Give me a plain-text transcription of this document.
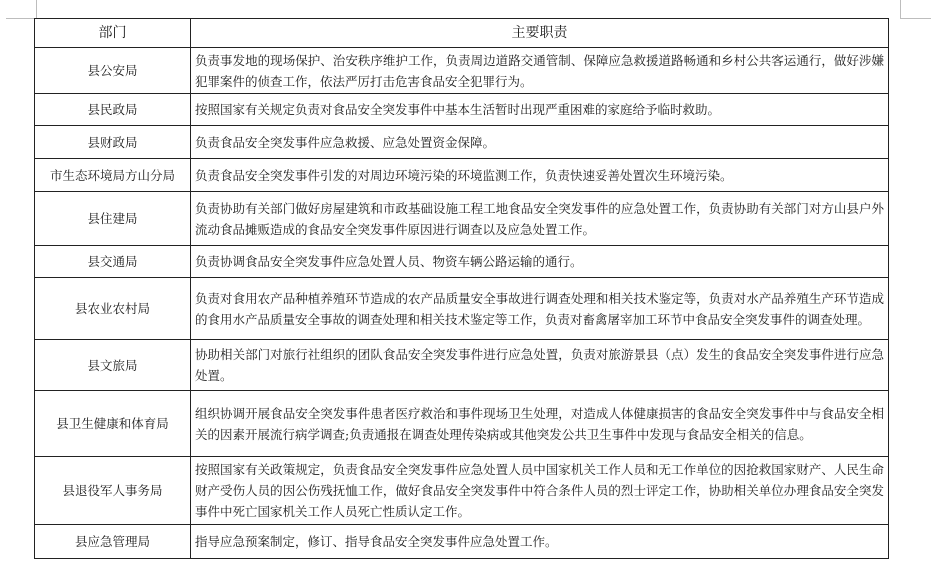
部门	主要职责
县公安局	负责事发地的现场保护、治安秩序维护工作，负责周边道路交通管制、保障应急救援道路畅通和乡村公共客运通行，做好涉嫌犯罪案件的侦查工作，依法严厉打击危害食品安全犯罪行为。
县民政局	按照国家有关规定负责对食品安全突发事件中基本生活暂时出现严重困难的家庭给予临时救助。
县财政局	负责食品安全突发事件应急救援、应急处置资金保障。
市生态环境局方山分局	负责食品安全突发事件引发的对周边环境污染的环境监测工作，负责快速妥善处置次生环境污染。
县住建局	负责协助有关部门做好房屋建筑和市政基础设施工程工地食品安全突发事件的应急处置工作，负责协助有关部门对方山县户外流动食品摊贩造成的食品安全突发事件原因进行调查以及应急处置工作。
县交通局	负责协调食品安全突发事件应急处置人员、物资车辆公路运输的通行。
县农业农村局	负责对食用农产品种植养殖环节造成的农产品质量安全事故进行调查处理和相关技术鉴定等，负责对水产品养殖生产环节造成的食用水产品质量安全事故的调查处理和相关技术鉴定等工作，负责对畜禽屠宰加工环节中食品安全突发事件的调查处理。
县文旅局	协助相关部门对旅行社组织的团队食品安全突发事件进行应急处置，负责对旅游景县（点）发生的食品安全突发事件进行应急处置。
县卫生健康和体育局	组织协调开展食品安全突发事件患者医疗救治和事件现场卫生处理，对造成人体健康损害的食品安全突发事件中与食品安全相关的因素开展流行病学调查;负责通报在调查处理传染病或其他突发公共卫生事件中发现与食品安全相关的信息。
县退役军人事务局	按照国家有关政策规定，负责食品安全突发事件应急处置人员中国家机关工作人员和无工作单位的因抢救国家财产、人民生命财产受伤人员的因公伤残抚恤工作，做好食品安全突发事件中符合条件人员的烈士评定工作，协助相关单位办理食品安全突发事件中死亡国家机关工作人员死亡性质认定工作。
县应急管理局	指导应急预案制定，修订、指导食品安全突发事件应急处置工作。
